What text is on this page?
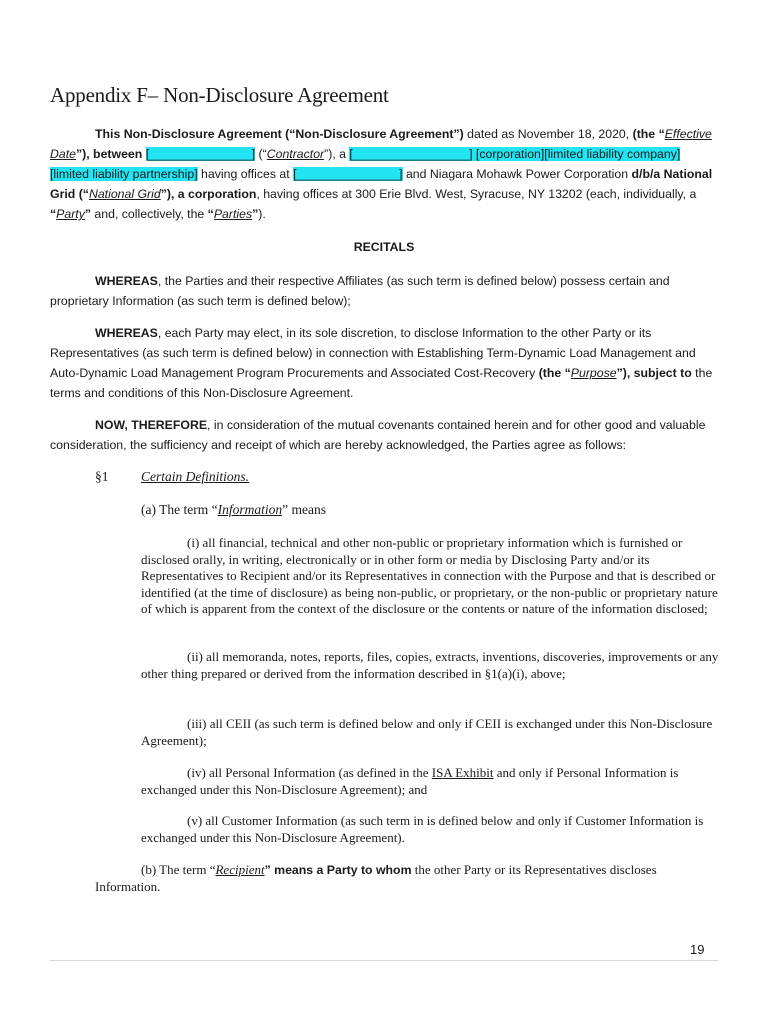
Appendix F– Non-Disclosure Agreement

This Non-Disclosure Agreement (“Non-Disclosure Agreement”) dated as November 18, 2020, (the “Effective Date”), between [_______________] (“Contractor”), a [_________________] [corporation][limited liability company][limited liability partnership] having offices at [_______________] and Niagara Mohawk Power Corporation d/b/a National Grid (“National Grid”), a corporation, having offices at 300 Erie Blvd. West, Syracuse, NY 13202 (each, individually, a “Party” and, collectively, the “Parties”).

RECITALS

WHEREAS, the Parties and their respective Affiliates (as such term is defined below) possess certain and proprietary Information (as such term is defined below);

WHEREAS, each Party may elect, in its sole discretion, to disclose Information to the other Party or its Representatives (as such term is defined below) in connection with Establishing Term-Dynamic Load Management and Auto-Dynamic Load Management Program Procurements and Associated Cost-Recovery (the “Purpose”), subject to the terms and conditions of this Non-Disclosure Agreement.

NOW, THEREFORE, in consideration of the mutual covenants contained herein and for other good and valuable consideration, the sufficiency and receipt of which are hereby acknowledged, the Parties agree as follows:

§1 Certain Definitions.
(a) The term “Information” means

(i) all financial, technical and other non-public or proprietary information which is furnished or disclosed orally, in writing, electronically or in other form or media by Disclosing Party and/or its Representatives to Recipient and/or its Representatives in connection with the Purpose and that is described or identified (at the time of disclosure) as being non-public, or proprietary, or the non-public or proprietary nature of which is apparent from the context of the disclosure or the contents or nature of the information disclosed;

(ii) all memoranda, notes, reports, files, copies, extracts, inventions, discoveries, improvements or any other thing prepared or derived from the information described in §1(a)(i), above;

(iii) all CEII (as such term is defined below and only if CEII is exchanged under this Non-Disclosure Agreement);

(iv) all Personal Information (as defined in the ISA Exhibit and only if Personal Information is exchanged under this Non-Disclosure Agreement); and

(v) all Customer Information (as such term in is defined below and only if Customer Information is exchanged under this Non-Disclosure Agreement).

(b) The term “Recipient” means a Party to whom the other Party or its Representatives discloses Information.

19
